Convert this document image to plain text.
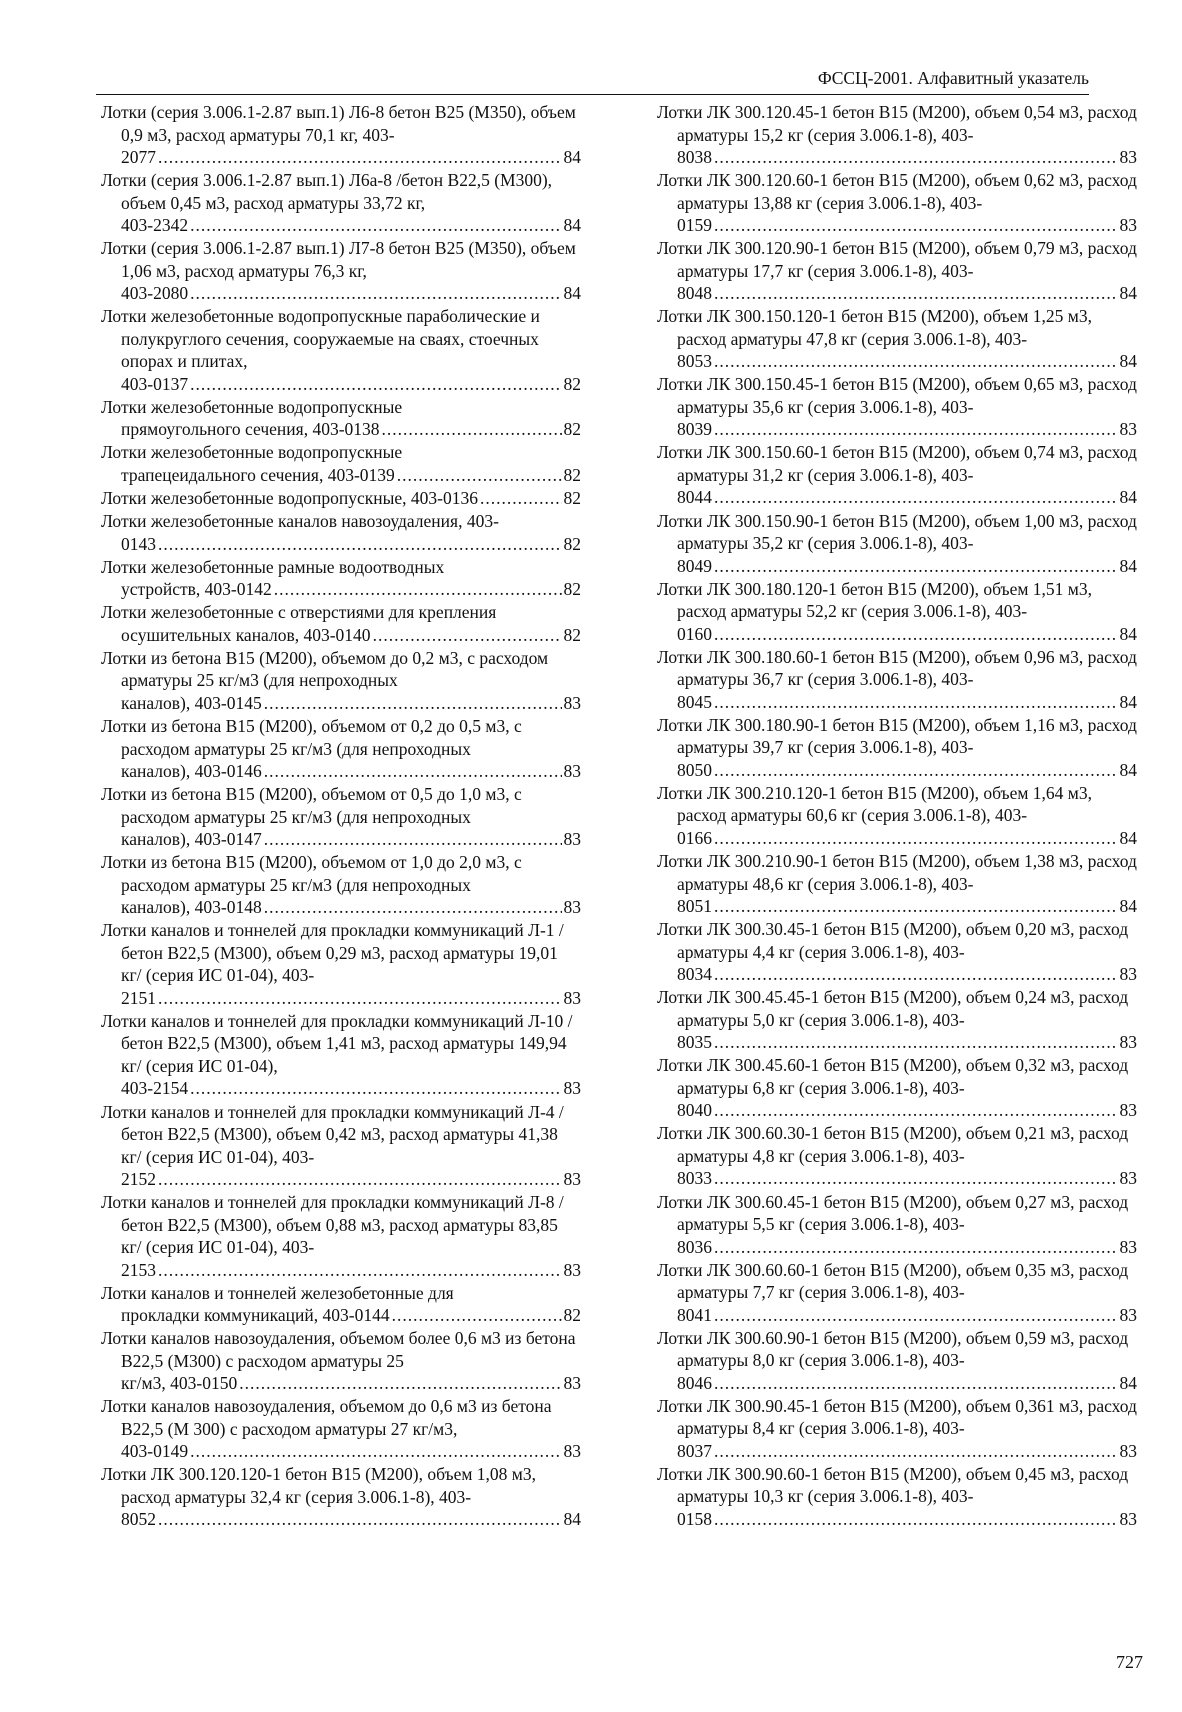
ФССЦ-2001. Алфавитный указатель
Лотки (серия 3.006.1-2.87 вып.1) Л6-8 бетон В25 (М350), объем 0,9 м3, расход арматуры 70,1 кг, 403-
2077 .....	84
Лотки (серия 3.006.1-2.87 вып.1) Л6а-8 /бетон В22,5 (М300), объем 0,45 м3, расход арматуры 33,72 кг,
403-2342 .....	84
Лотки (серия 3.006.1-2.87 вып.1) Л7-8 бетон В25 (М350), объем 1,06 м3, расход арматуры 76,3 кг,
403-2080 .....	84
Лотки железобетонные водопропускные параболические и полукруглого сечения, сооружаемые на сваях, стоечных опорах и плитах,
403-0137 .....	82
Лотки железобетонные водопропускные
прямоугольного сечения, 403-0138 .....	82
Лотки железобетонные водопропускные
трапецеидального сечения, 403-0139 .....	82
Лотки железобетонные водопропускные, 403-0136 .....	82
Лотки железобетонные каналов навозоудаления, 403-
0143 .....	82
Лотки железобетонные рамные водоотводных
устройств, 403-0142 .....	82
Лотки железобетонные с отверстиями для крепления
осушительных каналов, 403-0140 .....	82
Лотки из бетона В15 (М200), объемом до 0,2 м3, с расходом арматуры 25 кг/м3 (для непроходных
каналов), 403-0145 .....	83
Лотки из бетона В15 (М200), объемом от 0,2 до 0,5 м3, с расходом арматуры 25 кг/м3 (для непроходных
каналов), 403-0146 .....	83
Лотки из бетона В15 (М200), объемом от 0,5 до 1,0 м3, с расходом арматуры 25 кг/м3 (для непроходных
каналов), 403-0147 .....	83
Лотки из бетона В15 (М200), объемом от 1,0 до 2,0 м3, с расходом арматуры 25 кг/м3 (для непроходных
каналов), 403-0148 .....	83
Лотки каналов и тоннелей для прокладки коммуникаций Л-1 /бетон В22,5 (М300), объем 0,29 м3, расход арматуры 19,01 кг/ (серия ИС 01-04), 403-
2151 .....	83
Лотки каналов и тоннелей для прокладки коммуникаций Л-10 /бетон В22,5 (М300), объем 1,41 м3, расход арматуры 149,94 кг/ (серия ИС 01-04),
403-2154 .....	83
Лотки каналов и тоннелей для прокладки коммуникаций Л-4 /бетон В22,5 (М300), объем 0,42 м3, расход арматуры 41,38 кг/ (серия ИС 01-04), 403-
2152 .....	83
Лотки каналов и тоннелей для прокладки коммуникаций Л-8 /бетон В22,5 (М300), объем 0,88 м3, расход арматуры 83,85 кг/ (серия ИС 01-04), 403-
2153 .....	83
Лотки каналов и тоннелей железобетонные для
прокладки коммуникаций, 403-0144 .....	82
Лотки каналов навозоудаления, объемом более 0,6 м3 из бетона В22,5 (М300) с расходом арматуры 25
кг/м3, 403-0150 .....	83
Лотки каналов навозоудаления, объемом до 0,6 м3 из бетона В22,5 (М 300) с расходом арматуры 27 кг/м3,
403-0149 .....	83
Лотки ЛК 300.120.120-1 бетон В15 (М200), объем 1,08 м3, расход арматуры 32,4 кг (серия 3.006.1-8), 403-
8052 .....	84
Лотки ЛК 300.120.45-1 бетон В15 (М200), объем 0,54 м3, расход арматуры 15,2 кг (серия 3.006.1-8), 403-
8038 .....	83
Лотки ЛК 300.120.60-1 бетон В15 (М200), объем 0,62 м3, расход арматуры 13,88 кг (серия 3.006.1-8), 403-
0159 .....	83
Лотки ЛК 300.120.90-1 бетон В15 (М200), объем 0,79 м3, расход арматуры 17,7 кг (серия 3.006.1-8), 403-
8048 .....	84
Лотки ЛК 300.150.120-1 бетон В15 (М200), объем 1,25 м3, расход арматуры 47,8 кг (серия 3.006.1-8), 403-
8053 .....	84
Лотки ЛК 300.150.45-1 бетон В15 (М200), объем 0,65 м3, расход арматуры 35,6 кг (серия 3.006.1-8), 403-
8039 .....	83
Лотки ЛК 300.150.60-1 бетон В15 (М200), объем 0,74 м3, расход арматуры 31,2 кг (серия 3.006.1-8), 403-
8044 .....	84
Лотки ЛК 300.150.90-1 бетон В15 (М200), объем 1,00 м3, расход арматуры 35,2 кг (серия 3.006.1-8), 403-
8049 .....	84
Лотки ЛК 300.180.120-1 бетон В15 (М200), объем 1,51 м3, расход арматуры 52,2 кг (серия 3.006.1-8), 403-
0160 .....	84
Лотки ЛК 300.180.60-1 бетон В15 (М200), объем 0,96 м3, расход арматуры 36,7 кг (серия 3.006.1-8), 403-
8045 .....	84
Лотки ЛК 300.180.90-1 бетон В15 (М200), объем 1,16 м3, расход арматуры 39,7 кг (серия 3.006.1-8), 403-
8050 .....	84
Лотки ЛК 300.210.120-1 бетон В15 (М200), объем 1,64 м3, расход арматуры 60,6 кг (серия 3.006.1-8), 403-
0166 .....	84
Лотки ЛК 300.210.90-1 бетон В15 (М200), объем 1,38 м3, расход арматуры 48,6 кг (серия 3.006.1-8), 403-
8051 .....	84
Лотки ЛК 300.30.45-1 бетон В15 (М200), объем 0,20 м3, расход арматуры 4,4 кг (серия 3.006.1-8), 403-
8034 .....	83
Лотки ЛК 300.45.45-1 бетон В15 (М200), объем 0,24 м3, расход арматуры 5,0 кг (серия 3.006.1-8), 403-
8035 .....	83
Лотки ЛК 300.45.60-1 бетон В15 (М200), объем 0,32 м3, расход арматуры 6,8 кг (серия 3.006.1-8), 403-
8040 .....	83
Лотки ЛК 300.60.30-1 бетон В15 (М200), объем 0,21 м3, расход арматуры 4,8 кг (серия 3.006.1-8), 403-
8033 .....	83
Лотки ЛК 300.60.45-1 бетон В15 (М200), объем 0,27 м3, расход арматуры 5,5 кг (серия 3.006.1-8), 403-
8036 .....	83
Лотки ЛК 300.60.60-1 бетон В15 (М200), объем 0,35 м3, расход арматуры 7,7 кг (серия 3.006.1-8), 403-
8041 .....	83
Лотки ЛК 300.60.90-1 бетон В15 (М200), объем 0,59 м3, расход арматуры 8,0 кг (серия 3.006.1-8), 403-
8046 .....	84
Лотки ЛК 300.90.45-1 бетон В15 (М200), объем 0,361 м3, расход арматуры 8,4 кг (серия 3.006.1-8), 403-
8037 .....	83
Лотки ЛК 300.90.60-1 бетон В15 (М200), объем 0,45 м3, расход арматуры 10,3 кг (серия 3.006.1-8), 403-
0158 .....	83
727
